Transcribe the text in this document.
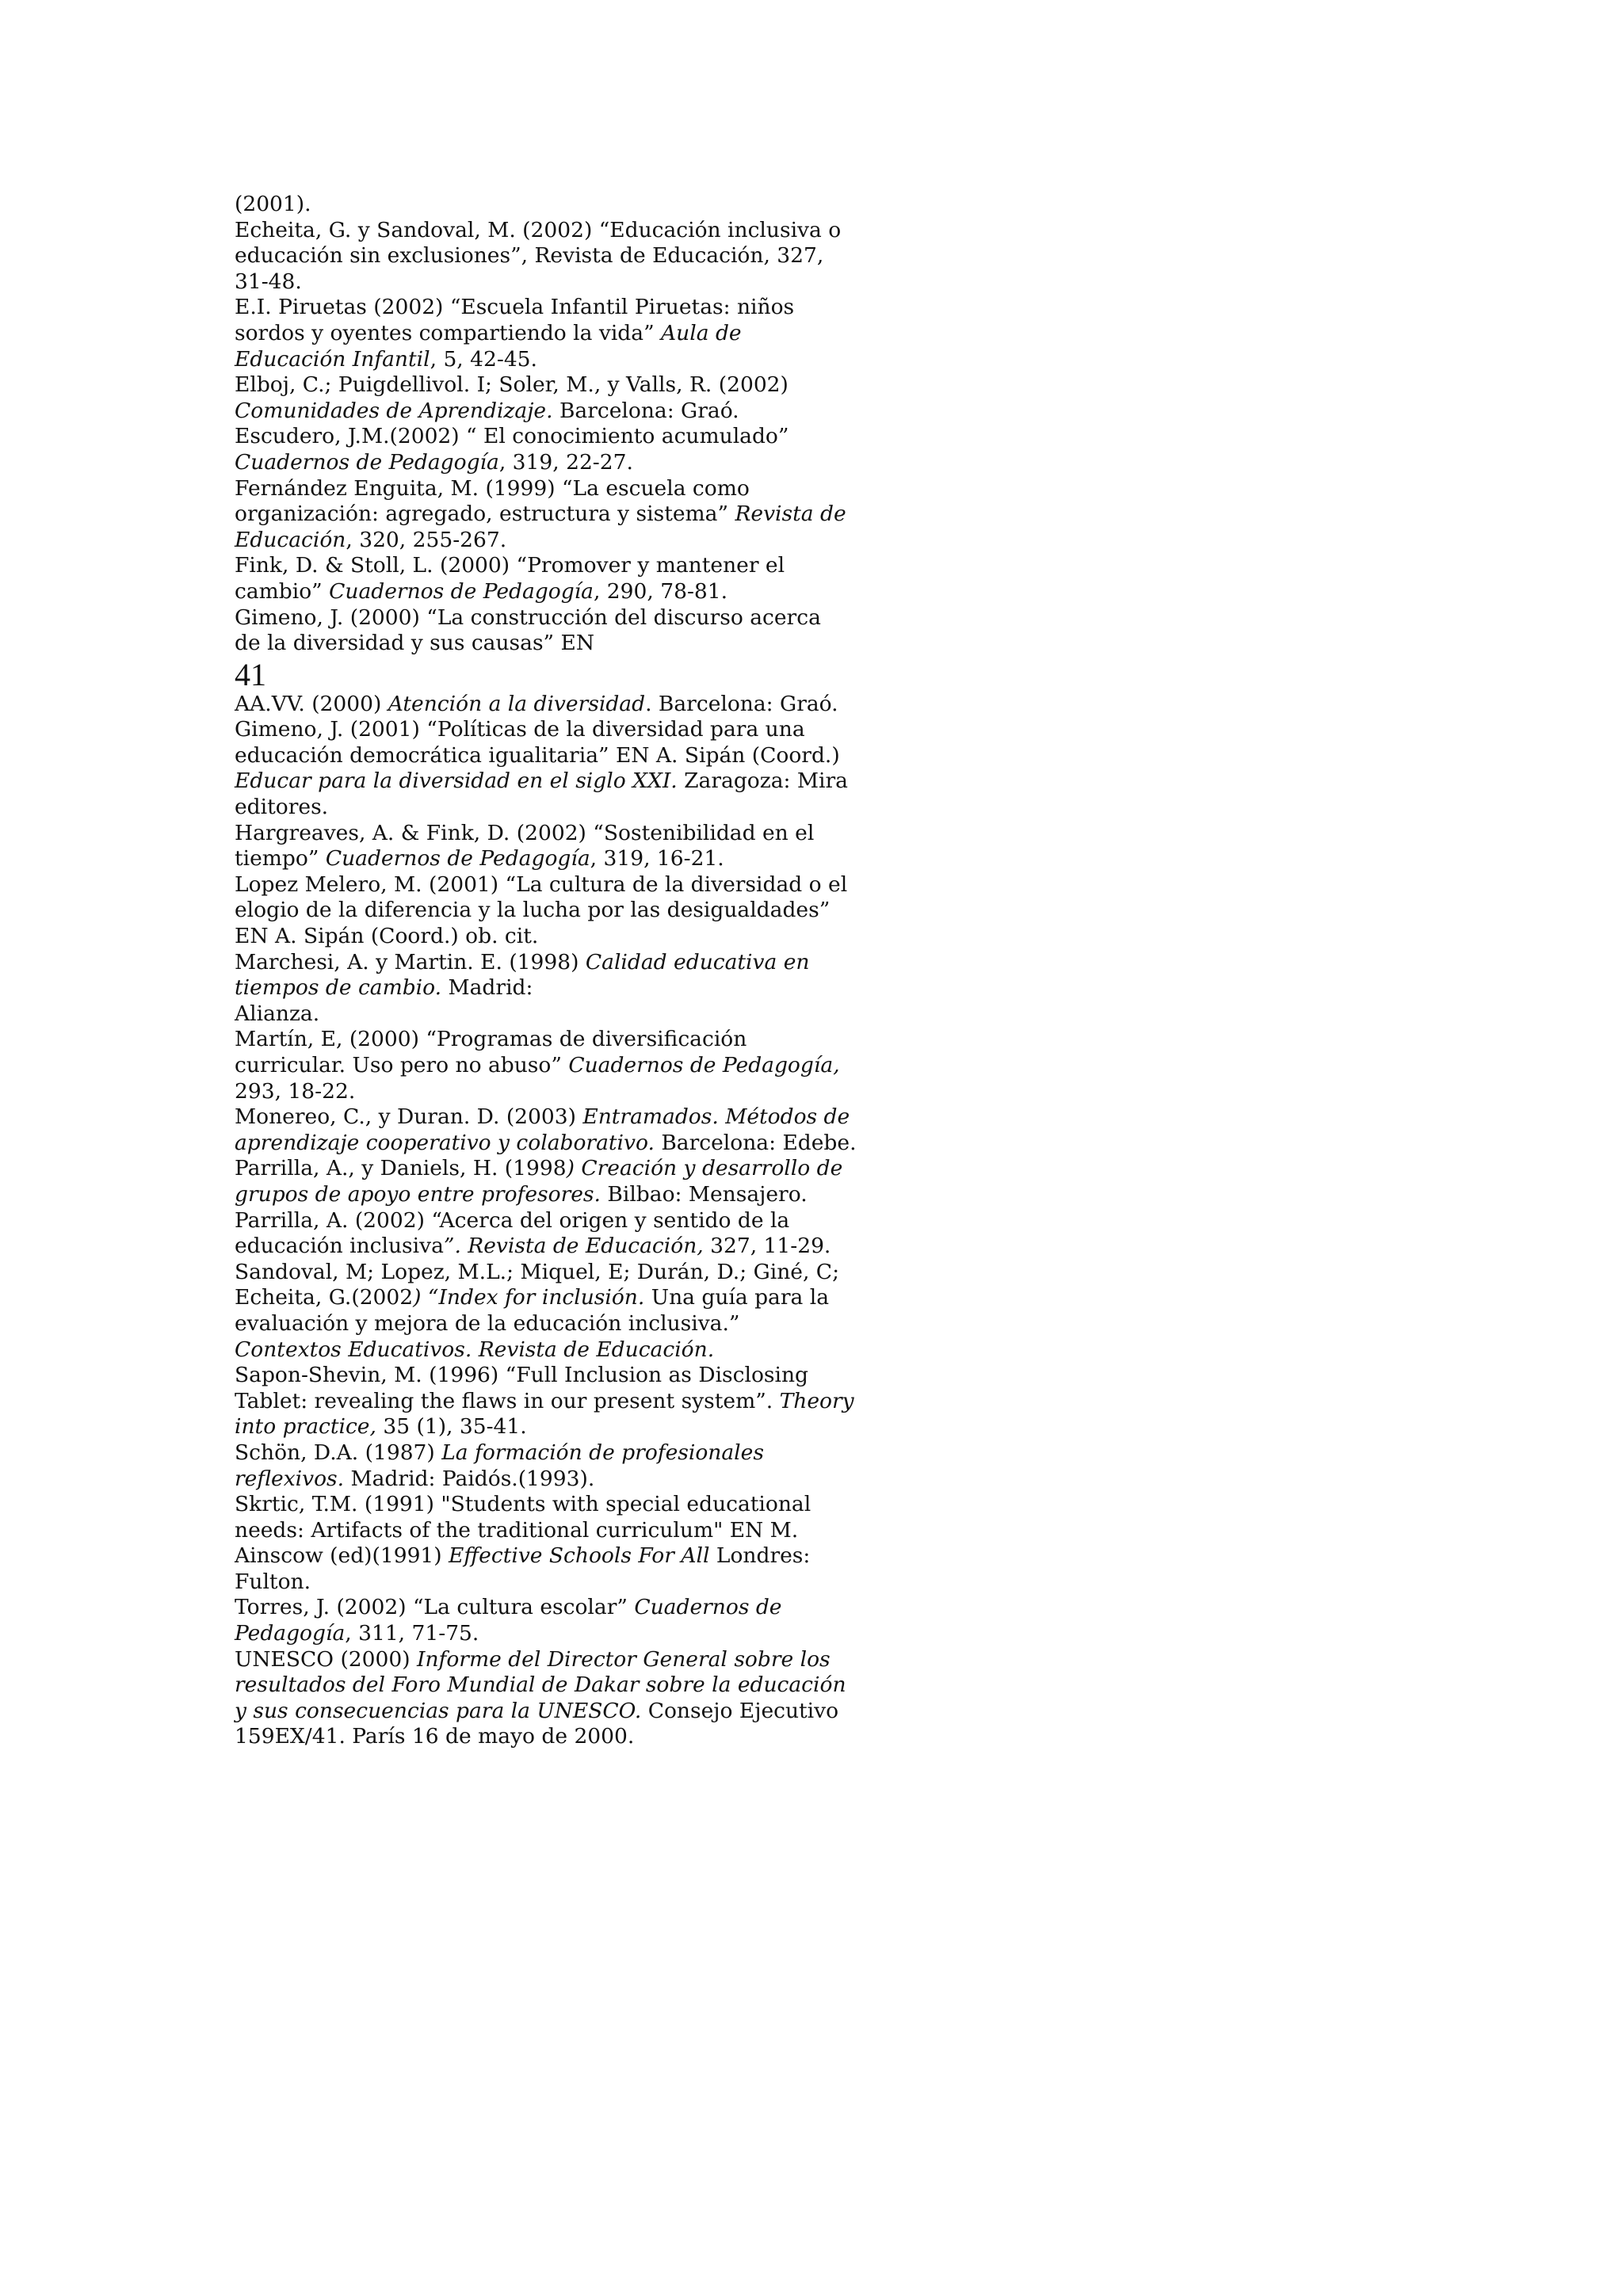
(2001).
Echeita, G. y Sandoval, M. (2002) “Educación inclusiva o
educación sin exclusiones”, Revista de Educación, 327,
31-48.
E.I. Piruetas (2002) “Escuela Infantil Piruetas: niños
sordos y oyentes compartiendo la vida” Aula de
Educación Infantil, 5, 42-45.
Elboj, C.; Puigdellivol. I; Soler, M., y Valls, R. (2002)
Comunidades de Aprendizaje. Barcelona: Graó.
Escudero, J.M.(2002) “ El conocimiento acumulado”
Cuadernos de Pedagogía, 319, 22-27.
Fernández Enguita, M. (1999) “La escuela como
organización: agregado, estructura y sistema” Revista de
Educación, 320, 255-267.
Fink, D. & Stoll, L. (2000) “Promover y mantener el
cambio” Cuadernos de Pedagogía, 290, 78-81.
Gimeno, J. (2000) “La construcción del discurso acerca
de la diversidad y sus causas” EN
41
AA.VV. (2000) Atención a la diversidad. Barcelona: Graó.
Gimeno, J. (2001) “Políticas de la diversidad para una
educación democrática igualitaria” EN A. Sipán (Coord.)
Educar para la diversidad en el siglo XXI. Zaragoza: Mira
editores.
Hargreaves, A. & Fink, D. (2002) “Sostenibilidad en el
tiempo” Cuadernos de Pedagogía, 319, 16-21.
Lopez Melero, M. (2001) “La cultura de la diversidad o el
elogio de la diferencia y la lucha por las desigualdades”
EN A. Sipán (Coord.) ob. cit.
Marchesi, A. y Martin. E. (1998) Calidad educativa en
tiempos de cambio. Madrid:
Alianza.
Martín, E, (2000) “Programas de diversificación
curricular. Uso pero no abuso” Cuadernos de Pedagogía,
293, 18-22.
Monereo, C., y Duran. D. (2003) Entramados. Métodos de
aprendizaje cooperativo y colaborativo. Barcelona: Edebe.
Parrilla, A., y Daniels, H. (1998) Creación y desarrollo de
grupos de apoyo entre profesores. Bilbao: Mensajero.
Parrilla, A. (2002) “Acerca del origen y sentido de la
educación inclusiva”. Revista de Educación, 327, 11-29.
Sandoval, M; Lopez, M.L.; Miquel, E; Durán, D.; Giné, C;
Echeita, G.(2002) “Index for inclusión. Una guía para la
evaluación y mejora de la educación inclusiva.”
Contextos Educativos. Revista de Educación.
Sapon-Shevin, M. (1996) “Full Inclusion as Disclosing
Tablet: revealing the flaws in our present system”. Theory
into practice, 35 (1), 35-41.
Schön, D.A. (1987) La formación de profesionales
reflexivos. Madrid: Paidós.(1993).
Skrtic, T.M. (1991) "Students with special educational
needs: Artifacts of the traditional curriculum" EN M.
Ainscow (ed)(1991) Effective Schools For All Londres:
Fulton.
Torres, J. (2002) “La cultura escolar” Cuadernos de
Pedagogía, 311, 71-75.
UNESCO (2000) Informe del Director General sobre los
resultados del Foro Mundial de Dakar sobre la educación
y sus consecuencias para la UNESCO. Consejo Ejecutivo
159EX/41. París 16 de mayo de 2000.
